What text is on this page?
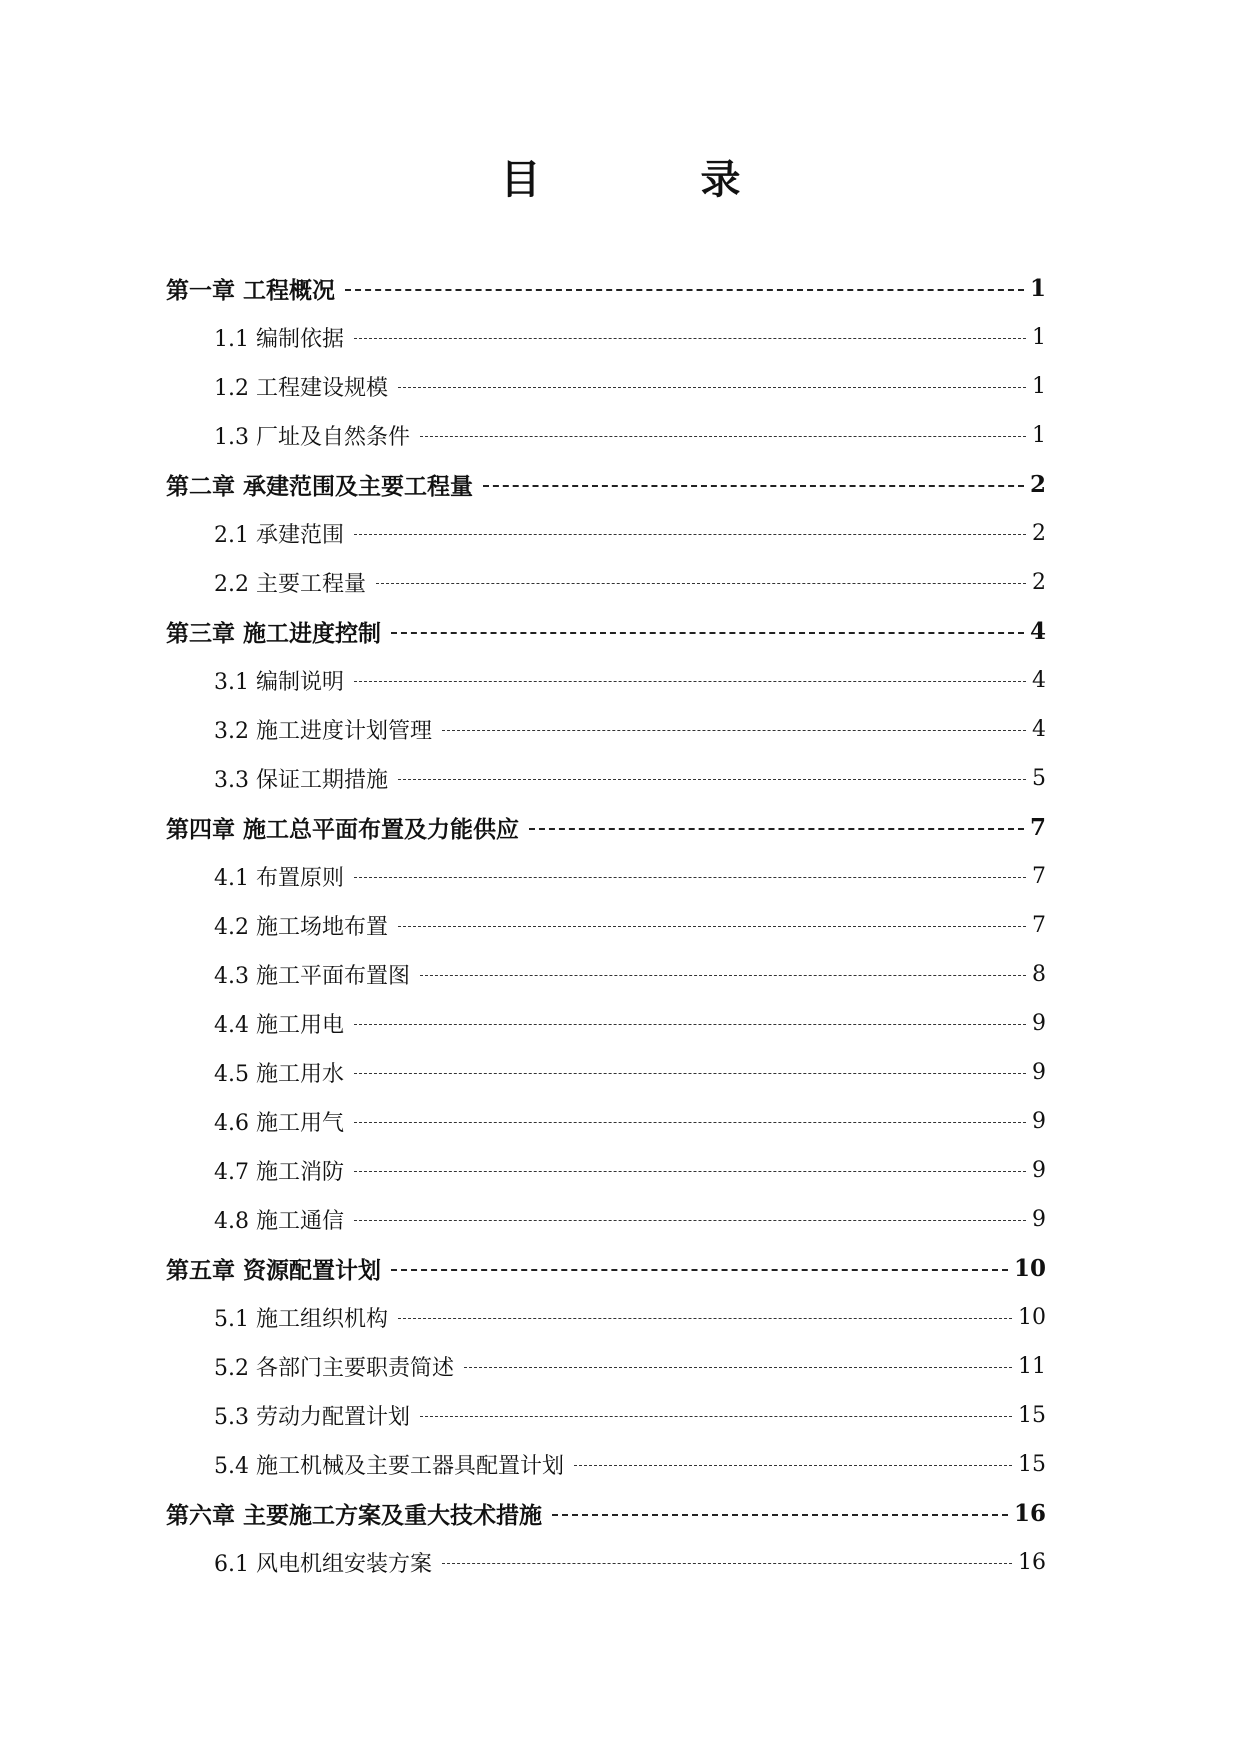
目　录
第一章 工程概况	1
1.1 编制依据	1
1.2 工程建设规模	1
1.3 厂址及自然条件	1
第二章 承建范围及主要工程量	2
2.1 承建范围	2
2.2 主要工程量	2
第三章 施工进度控制	4
3.1 编制说明	4
3.2 施工进度计划管理	4
3.3 保证工期措施	5
第四章 施工总平面布置及力能供应	7
4.1 布置原则	7
4.2 施工场地布置	7
4.3 施工平面布置图	8
4.4 施工用电	9
4.5 施工用水	9
4.6 施工用气	9
4.7 施工消防	9
4.8 施工通信	9
第五章 资源配置计划	10
5.1 施工组织机构	10
5.2 各部门主要职责简述	11
5.3 劳动力配置计划	15
5.4 施工机械及主要工器具配置计划	15
第六章 主要施工方案及重大技术措施	16
6.1 风电机组安装方案	16
